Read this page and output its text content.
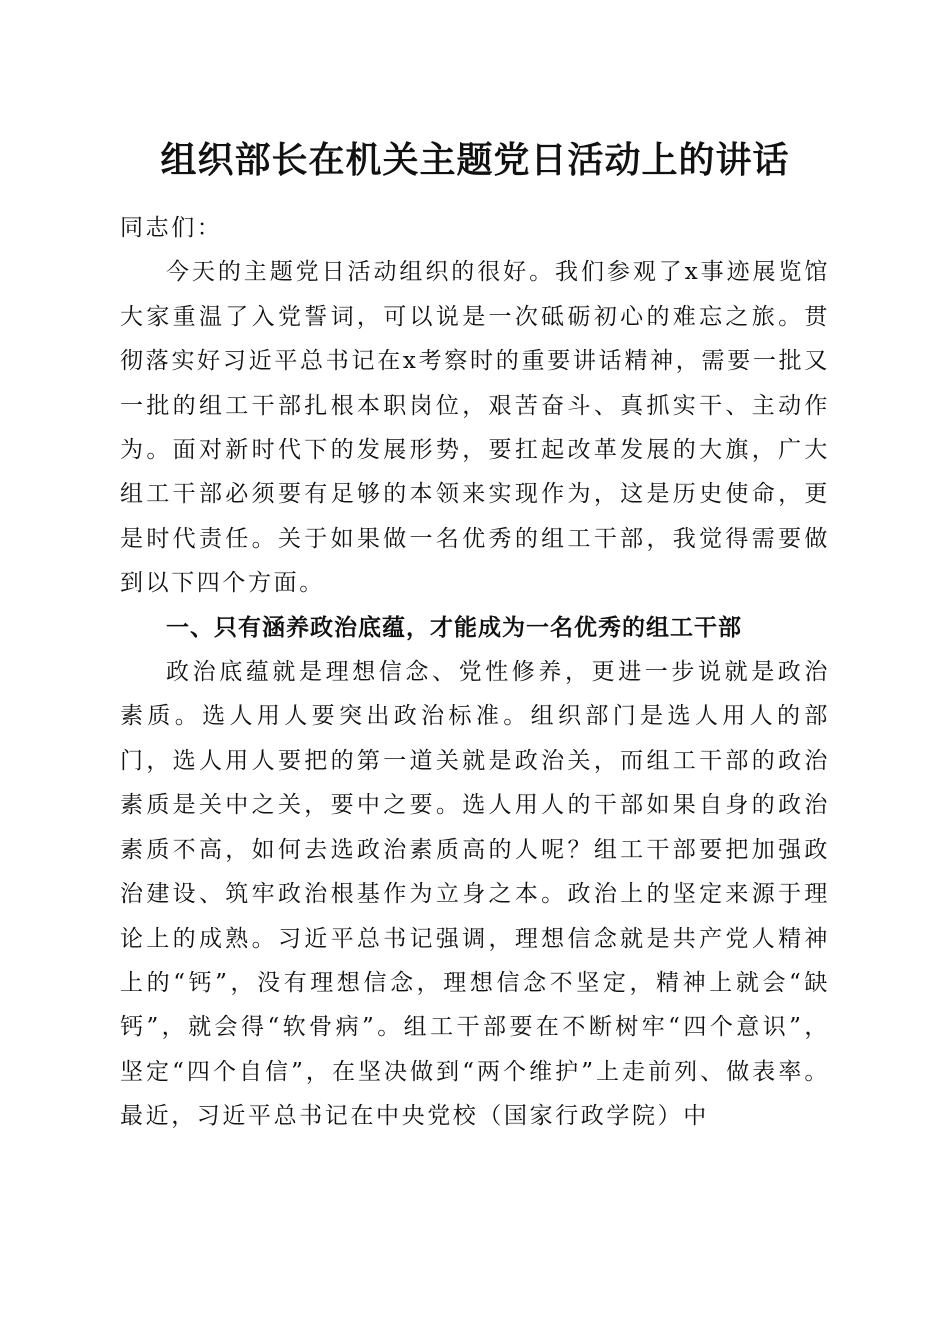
组织部长在机关主题党日活动上的讲话

同志们：

今天的主题党日活动组织的很好。我们参观了x事迹展览馆大家重温了入党誓词，可以说是一次砥砺初心的难忘之旅。贯彻落实好习近平总书记在x考察时的重要讲话精神，需要一批又一批的组工干部扎根本职岗位，艰苦奋斗、真抓实干、主动作为。面对新时代下的发展形势，要扛起改革发展的大旗，广大组工干部必须要有足够的本领来实现作为，这是历史使命，更是时代责任。关于如果做一名优秀的组工干部，我觉得需要做到以下四个方面。

一、只有涵养政治底蕴，才能成为一名优秀的组工干部

政治底蕴就是理想信念、党性修养，更进一步说就是政治素质。选人用人要突出政治标准。组织部门是选人用人的部门，选人用人要把的第一道关就是政治关，而组工干部的政治素质是关中之关，要中之要。选人用人的干部如果自身的政治素质不高，如何去选政治素质高的人呢？组工干部要把加强政治建设、筑牢政治根基作为立身之本。政治上的坚定来源于理论上的成熟。习近平总书记强调，理想信念就是共产党人精神上的“钙”，没有理想信念，理想信念不坚定，精神上就会“缺钙”，就会得“软骨病”。组工干部要在不断树牢“四个意识”，坚定“四个自信”，在坚决做到“两个维护”上走前列、做表率。最近，习近平总书记在中央党校（国家行政学院）中
